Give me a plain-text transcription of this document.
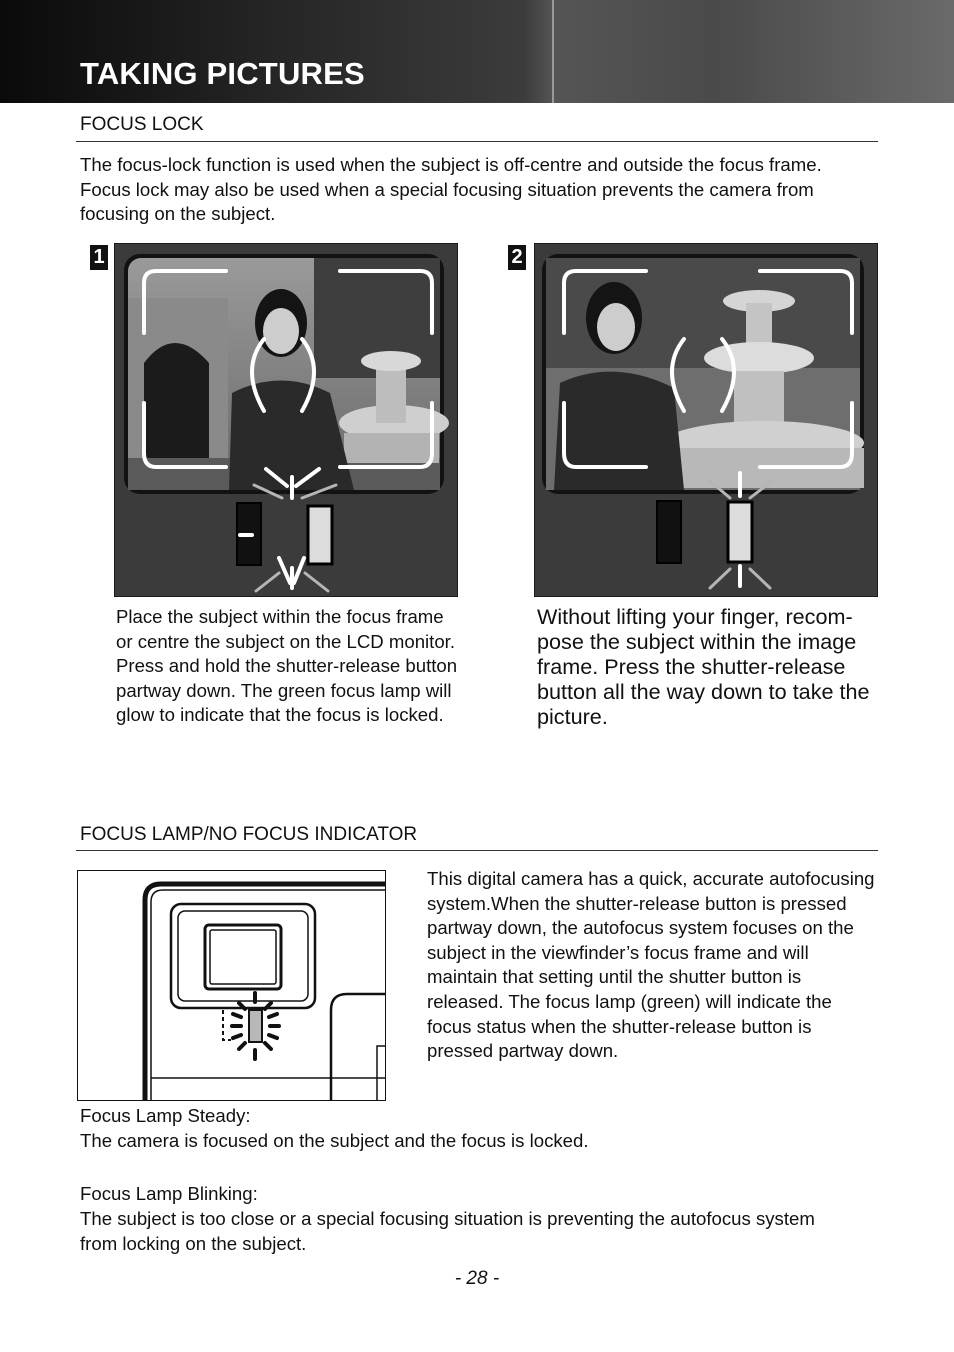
TAKING PICTURES
FOCUS LOCK

The focus-lock function is used when the subject is off-centre and outside the focus frame. Focus lock may also be used when a special focusing situation prevents the camera from focusing on the subject.

1

Place the subject within the focus frame or centre the subject on the LCD monitor. Press and hold the shutter-release button partway down. The green focus lamp will glow to indicate that the focus is locked.

2

Without lifting your finger, recom-pose the subject within the image frame. Press the shutter-release button all the way down to take the picture.

FOCUS LAMP/NO FOCUS INDICATOR

This digital camera has a quick, accurate autofocusing system.When the shutter-release button is pressed partway down, the autofocus system focuses on the subject in the viewfinder’s focus frame and will maintain that setting until the shutter button is released. The focus lamp (green) will indicate the focus status when the shutter-release button is pressed partway down.

Focus Lamp Steady:

The camera is focused on the subject and the focus is locked.

Focus Lamp Blinking:

The subject is too close or a special focusing situation is preventing the autofocus system from locking on the subject.

- 28 -
